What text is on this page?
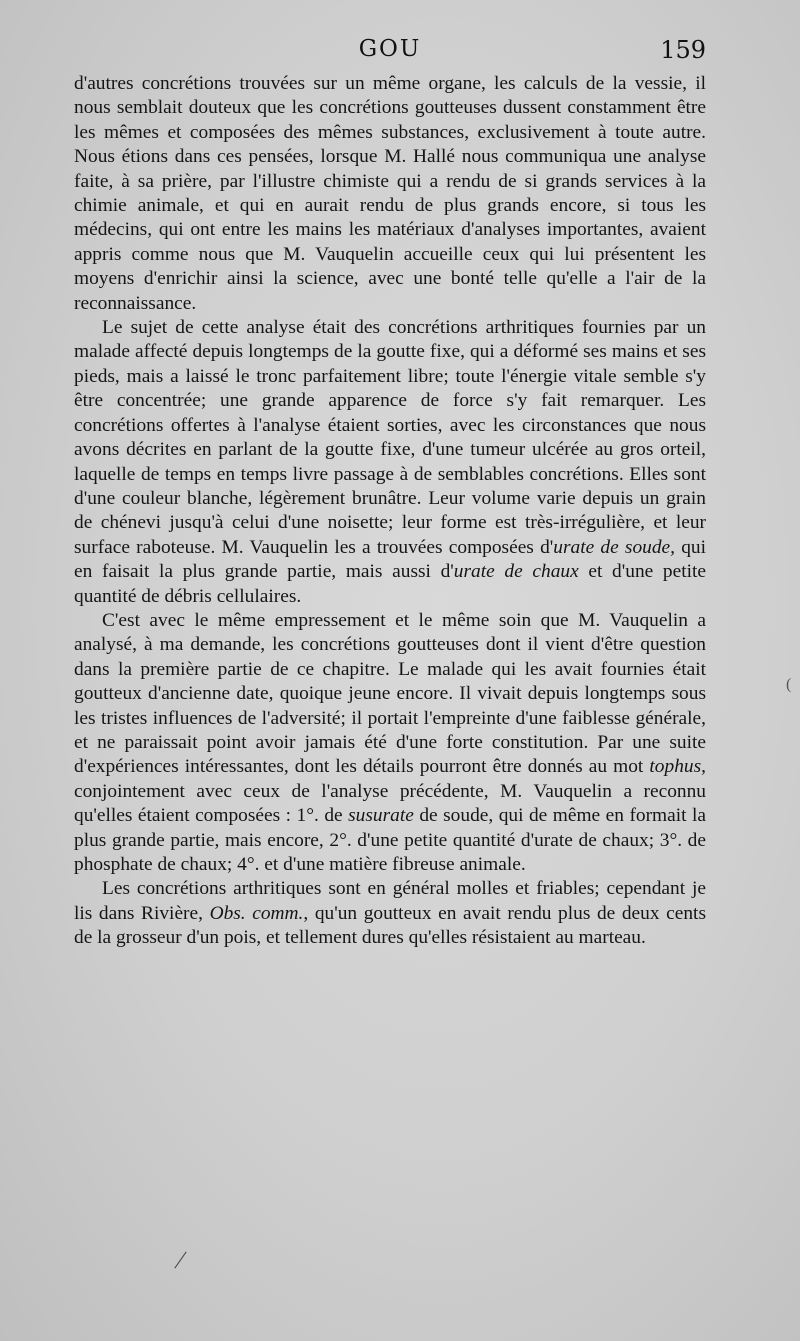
GOU	159

d'autres concrétions trouvées sur un même organe, les calculs de la vessie, il nous semblait douteux que les concrétions goutteuses dussent constamment être les mêmes et composées des mêmes substances, exclusivement à toute autre. Nous étions dans ces pensées, lorsque M. Hallé nous communiqua une analyse faite, à sa prière, par l'illustre chimiste qui a rendu de si grands services à la chimie animale, et qui en aurait rendu de plus grands encore, si tous les médecins, qui ont entre les mains les matériaux d'analyses importantes, avaient appris comme nous que M. Vauquelin accueille ceux qui lui présentent les moyens d'enrichir ainsi la science, avec une bonté telle qu'elle a l'air de la reconnaissance.

Le sujet de cette analyse était des concrétions arthritiques fournies par un malade affecté depuis longtemps de la goutte fixe, qui a déformé ses mains et ses pieds, mais a laissé le tronc parfaitement libre; toute l'énergie vitale semble s'y être concentrée; une grande apparence de force s'y fait remarquer. Les concrétions offertes à l'analyse étaient sorties, avec les circonstances que nous avons décrites en parlant de la goutte fixe, d'une tumeur ulcérée au gros orteil, laquelle de temps en temps livre passage à de semblables concrétions. Elles sont d'une couleur blanche, légèrement brunâtre. Leur volume varie depuis un grain de chénevi jusqu'à celui d'une noisette; leur forme est très-irrégulière, et leur surface raboteuse. M. Vauquelin les a trouvées composées d'urate de soude, qui en faisait la plus grande partie, mais aussi d'urate de chaux et d'une petite quantité de débris cellulaires.

C'est avec le même empressement et le même soin que M. Vauquelin a analysé, à ma demande, les concrétions goutteuses dont il vient d'être question dans la première partie de ce chapitre. Le malade qui les avait fournies était goutteux d'ancienne date, quoique jeune encore. Il vivait depuis longtemps sous les tristes influences de l'adversité; il portait l'empreinte d'une faiblesse générale, et ne paraissait point avoir jamais été d'une forte constitution. Par une suite d'expériences intéressantes, dont les détails pourront être donnés au mot tophus, conjointement avec ceux de l'analyse précédente, M. Vauquelin a reconnu qu'elles étaient composées : 1°. de susurate de soude, qui de même en formait la plus grande partie, mais encore, 2°. d'une petite quantité d'urate de chaux; 3°. de phosphate de chaux; 4°. et d'une matière fibreuse animale.

Les concrétions arthritiques sont en général molles et friables; cependant je lis dans Rivière, Obs. comm., qu'un goutteux en avait rendu plus de deux cents de la grosseur d'un pois, et tellement dures qu'elles résistaient au marteau.

(
